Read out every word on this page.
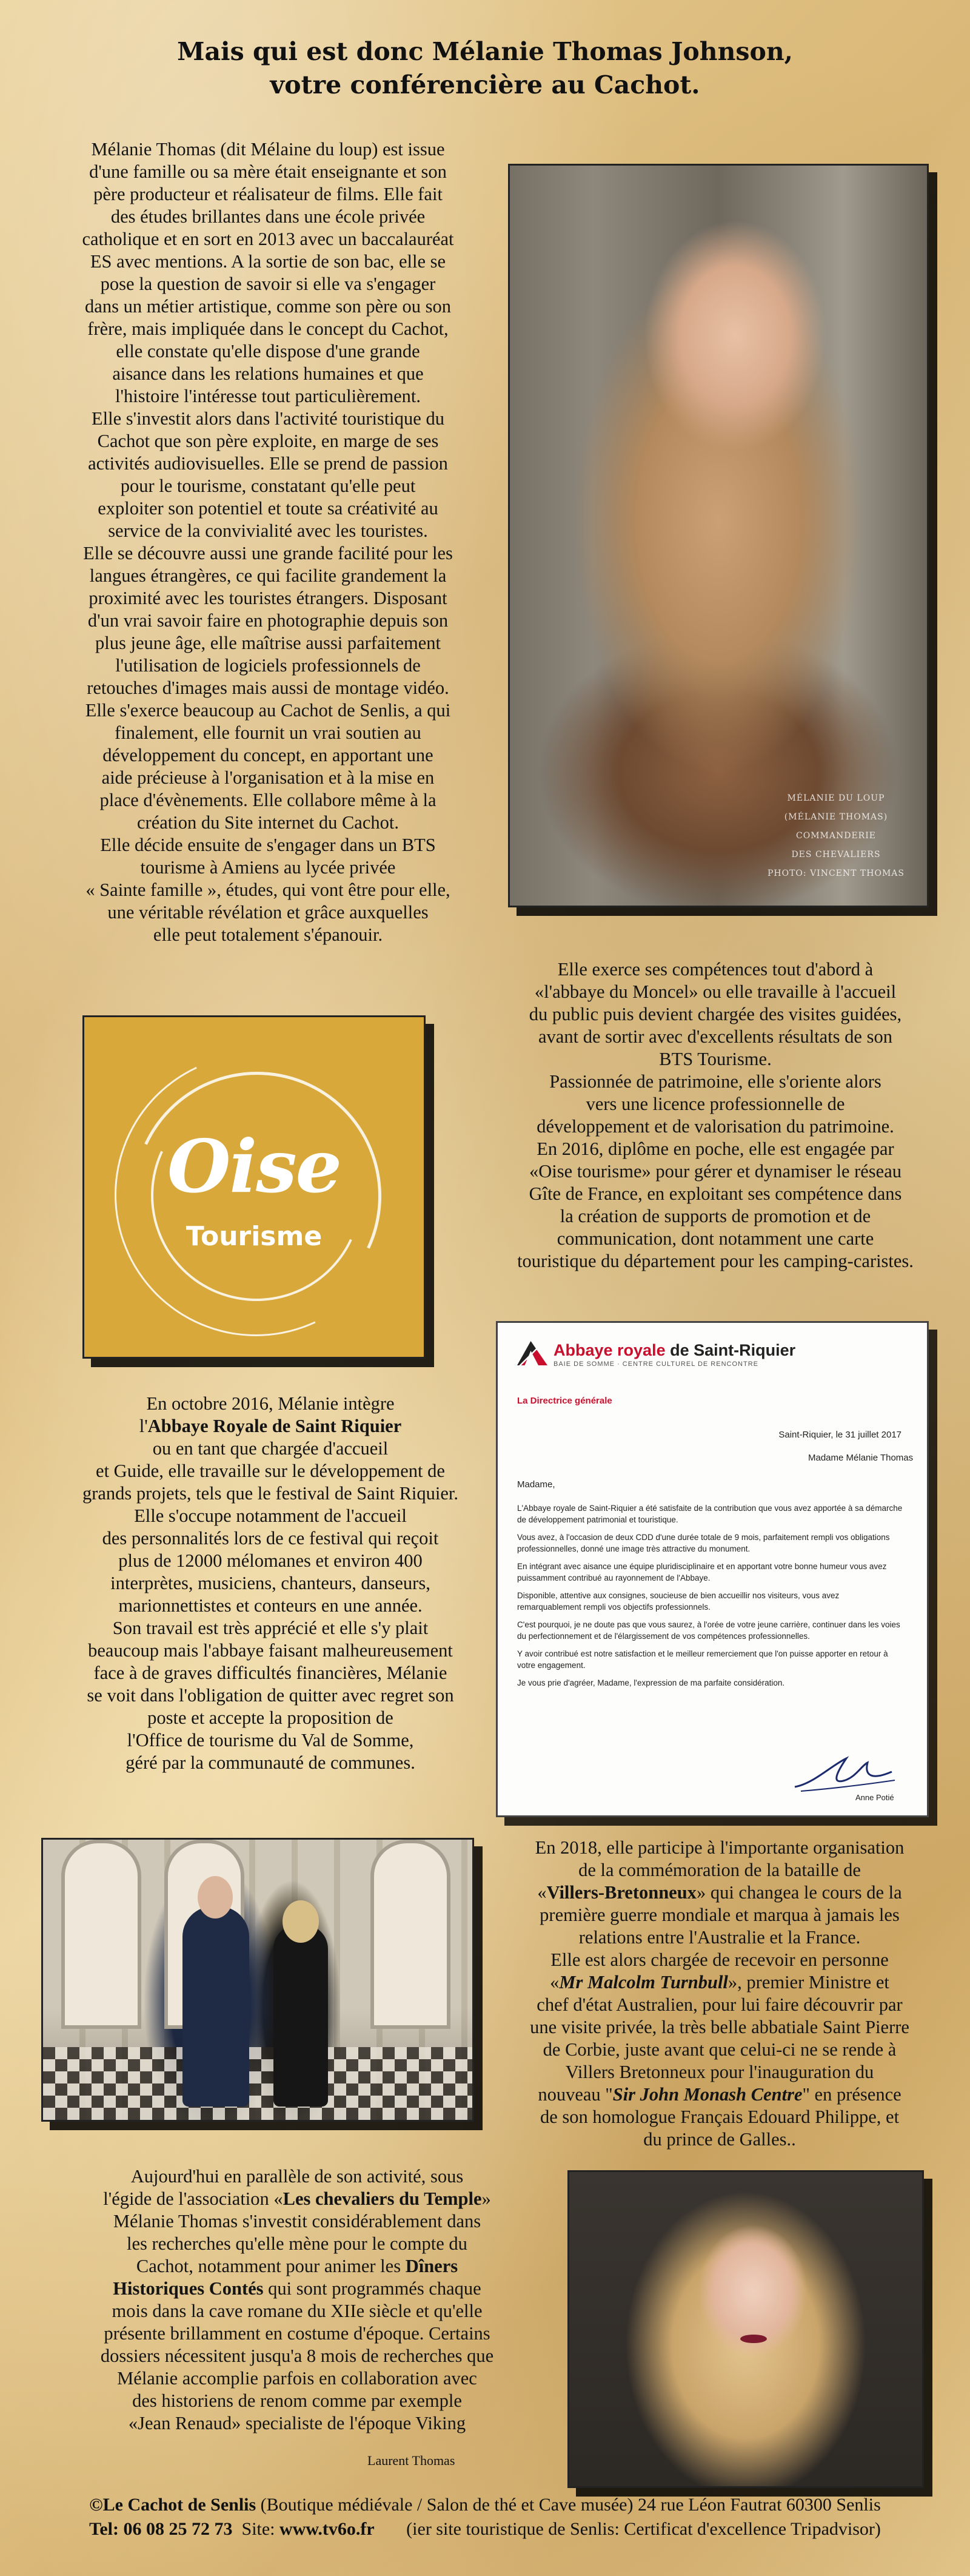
Mais qui est donc Mélanie Thomas Johnson,
votre conférencière au Cachot.

Mélanie Thomas (dit Mélaine du loup) est issue

d'une famille ou sa mère était enseignante et son

père producteur et réalisateur de films. Elle fait

des études brillantes dans une école privée

catholique et en sort en 2013 avec un baccalauréat

ES avec mentions. A la sortie de son bac, elle se

pose la question de savoir si elle va s'engager

dans un métier artistique, comme son père ou son

frère, mais impliquée dans le concept du Cachot,

elle constate qu'elle dispose d'une grande

aisance dans les relations humaines et que

l'histoire l'intéresse tout particulièrement.

Elle s'investit alors dans l'activité touristique du

Cachot que son père exploite, en marge de ses

activités audiovisuelles. Elle se prend de passion

pour le tourisme, constatant qu'elle peut

exploiter son potentiel et toute sa créativité au

service de la convivialité avec les touristes.

Elle se découvre aussi une grande facilité pour les

langues étrangères, ce qui facilite grandement la

proximité avec les touristes étrangers. Disposant

d'un vrai savoir faire en photographie depuis son

plus jeune âge, elle maîtrise aussi parfaitement

l'utilisation de logiciels professionnels de

retouches d'images mais aussi de montage vidéo.

Elle s'exerce beaucoup au Cachot de Senlis, a qui

finalement, elle fournit un vrai soutien au

développement du concept, en apportant une

aide précieuse à l'organisation et à la mise en

place d'évènements. Elle collabore même à la

création du Site internet du Cachot.

Elle décide ensuite de s'engager dans un BTS

tourisme à Amiens au lycée privée

« Sainte famille », études, qui vont être pour elle,

une véritable révélation et grâce auxquelles

elle peut totalement s'épanouir.

MÉLANIE DU LOUP

(MÉLANIE THOMAS)

COMMANDERIE

DES CHEVALIERS

PHOTO: VINCENT THOMAS

Elle exerce ses compétences tout d'abord à

«l'abbaye du Moncel» ou elle travaille à l'accueil

du public puis devient chargée des visites guidées,

avant de sortir avec d'excellents résultats de son

BTS Tourisme.

Passionnée de patrimoine, elle s'oriente alors

vers une licence professionnelle de

développement et de valorisation du patrimoine.

En 2016, diplôme en poche, elle est engagée par

«Oise tourisme» pour gérer et dynamiser le réseau

Gîte de France, en exploitant ses compétence dans

la création de supports de promotion et de

communication, dont notamment une carte

touristique du département pour les camping-caristes.

Oise
Tourisme

En octobre 2016, Mélanie intègre

l'Abbaye Royale de Saint Riquier

ou en tant que chargée d'accueil

et Guide, elle travaille sur le développement de

grands projets, tels que le festival de Saint Riquier.

Elle s'occupe notamment de l'accueil

des personnalités lors de ce festival qui reçoit

plus de 12000 mélomanes et environ 400

interprètes, musiciens, chanteurs, danseurs,

marionnettistes et conteurs en une année.

Son travail est très apprécié et elle s'y plait

beaucoup mais l'abbaye faisant malheureusement

face à de graves difficultés financières, Mélanie

se voit dans l'obligation de quitter avec regret son

poste et accepte la proposition de

l'Office de tourisme du Val de Somme,

géré par la communauté de communes.

Abbaye royale de Saint-Riquier
BAIE DE SOMME · CENTRE CULTUREL DE RENCONTRE
La Directrice générale
Saint-Riquier, le 31 juillet 2017
Madame Mélanie Thomas
Madame,

L'Abbaye royale de Saint-Riquier a été satisfaite de la contribution que vous avez apportée à sa démarche de développement patrimonial et touristique.

Vous avez, à l'occasion de deux CDD d'une durée totale de 9 mois, parfaitement rempli vos obligations professionnelles, donné une image très attractive du monument.

En intégrant avec aisance une équipe pluridisciplinaire et en apportant votre bonne humeur vous avez puissamment contribué au rayonnement de l'Abbaye.

Disponible, attentive aux consignes, soucieuse de bien accueillir nos visiteurs, vous avez remarquablement rempli vos objectifs professionnels.

C'est pourquoi, je ne doute pas que vous saurez, à l'orée de votre jeune carrière, continuer dans les voies du perfectionnement et de l'élargissement de vos compétences professionnelles.

Y avoir contribué est notre satisfaction et le meilleur remerciement que l'on puisse apporter en retour à votre engagement.

Je vous prie d'agréer, Madame, l'expression de ma parfaite considération.

Anne Potié

En 2018, elle participe à l'importante organisation

de la commémoration de la bataille de

«Villers-Bretonneux» qui changea le cours de la

première guerre mondiale et marqua à jamais les

relations entre l'Australie et la France.

Elle est alors chargée de recevoir en personne

«Mr Malcolm Turnbull», premier Ministre et

chef d'état Australien, pour lui faire découvrir par

une visite privée, la très belle abbatiale Saint Pierre

de Corbie, juste avant que celui-ci ne se rende à

Villers Bretonneux pour l'inauguration du

nouveau "Sir John Monash Centre" en présence

de son homologue Français Edouard Philippe, et

du prince de Galles..

Aujourd'hui en parallèle de son activité, sous

l'égide de l'association «Les chevaliers du Temple»

Mélanie Thomas s'investit considérablement dans

les recherches qu'elle mène pour le compte du

Cachot, notamment pour animer les Dîners

Historiques Contés qui sont programmés chaque

mois dans la cave romane du XIIe siècle et qu'elle

présente brillamment en costume d'époque. Certains

dossiers nécessitent jusqu'a 8 mois de recherches que

Mélanie accomplie parfois en collaboration avec

des historiens de renom comme par exemple

«Jean Renaud» specialiste de l'époque Viking

Laurent Thomas
©Le Cachot de Senlis (Boutique médiévale / Salon de thé et Cave musée) 24 rue Léon Fautrat 60300 Senlis
Tel: 06 08 25 72 73  Site: www.tv6o.fr       (ier site touristique de Senlis: Certificat d'excellence Tripadvisor)
